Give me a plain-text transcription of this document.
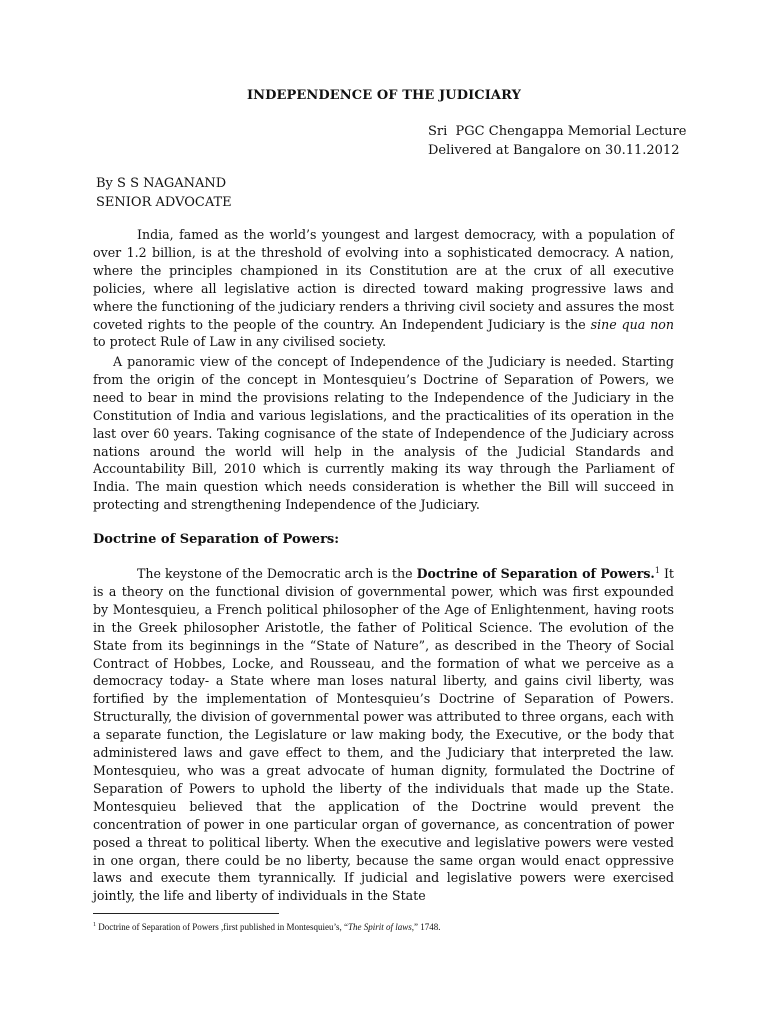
INDEPENDENCE OF THE JUDICIARY
Sri  PGC Chengappa Memorial Lecture
Delivered at Bangalore on 30.11.2012
By S S NAGANAND
SENIOR ADVOCATE

India, famed as the world’s youngest and largest democracy, with a population of over 1.2 billion, is at the threshold of evolving into a sophisticated democracy. A nation, where the principles championed in its Constitution are at the crux of all executive policies, where all legislative action is directed toward making progressive laws and where the functioning of the judiciary renders a thriving civil society and assures the most coveted rights to the people of the country. An Independent Judiciary is the sine qua non to protect Rule of Law in any civilised society.

A panoramic view of the concept of Independence of the Judiciary is needed. Starting from the origin of the concept in Montesquieu’s Doctrine of Separation of Powers, we need to bear in mind the provisions relating to the Independence of the Judiciary in the Constitution of India and various legislations, and the practicalities of its operation in the last over 60 years. Taking cognisance of the state of Independence of the Judiciary across nations around the world will help in the analysis of the Judicial Standards and Accountability Bill, 2010 which is currently making its way through the Parliament of India. The main question which needs consideration is whether the Bill will succeed in protecting and strengthening Independence of the Judiciary.

Doctrine of Separation of Powers:

The keystone of the Democratic arch is the Doctrine of Separation of Powers.$^1$ It is a theory on the functional division of governmental power, which was first expounded by Montesquieu, a French political philosopher of the Age of Enlightenment, having roots in the Greek philosopher Aristotle, the father of Political Science. The evolution of the State from its beginnings in the “State of Nature”, as described in the Theory of Social Contract of Hobbes, Locke, and Rousseau, and the formation of what we perceive as a democracy today- a State where man loses natural liberty, and gains civil liberty, was fortified by the implementation of Montesquieu’s Doctrine of Separation of Powers. Structurally, the division of governmental power was attributed to three organs, each with a separate function, the Legislature or law making body, the Executive, or the body that administered laws and gave effect to them, and the Judiciary that interpreted the law. Montesquieu, who was a great advocate of human dignity, formulated the Doctrine of Separation of Powers to uphold the liberty of the individuals that made up the State. Montesquieu believed that the application of the Doctrine would prevent the concentration of power in one particular organ of governance, as concentration of power posed a threat to political liberty. When the executive and legislative powers were vested in one organ, there could be no liberty, because the same organ would enact oppressive laws and execute them tyrannically. If judicial and legislative powers were exercised jointly, the life and liberty of individuals in the State

$^1$ Doctrine of Separation of Powers ,first published in Montesquieu’s, “The Spirit of laws,” 1748.
